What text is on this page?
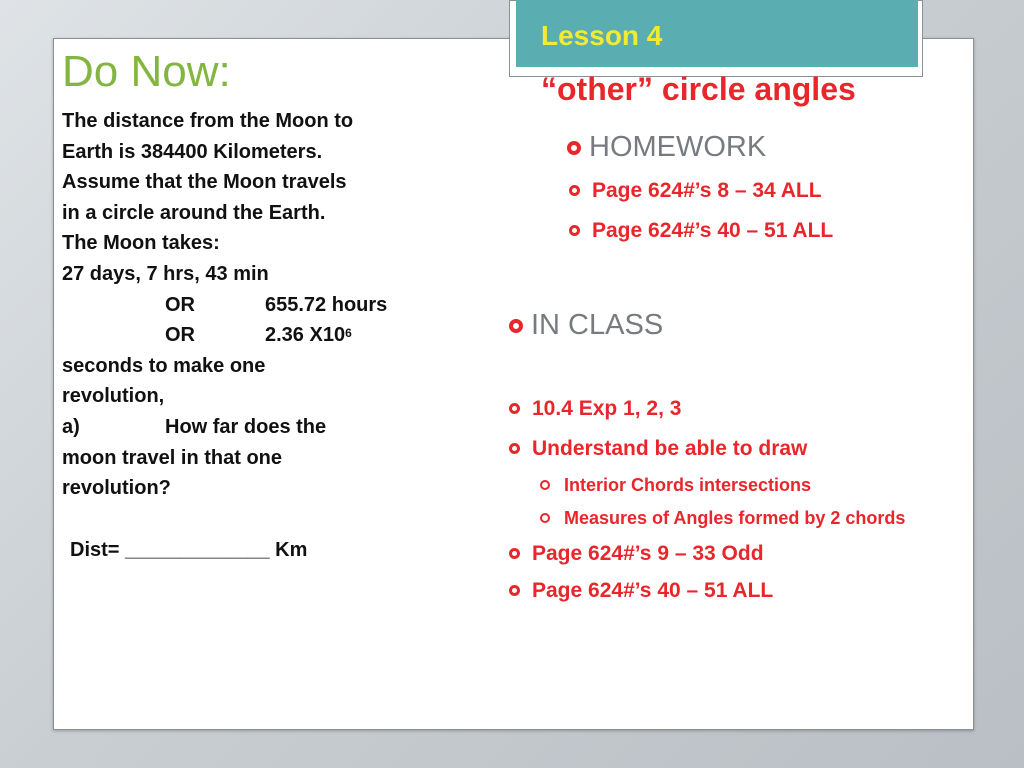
Lesson 4
“other” circle angles
Do Now:
The distance from the Moon to
Earth is 384400 Kilometers.
Assume that the Moon travels
in a circle around the Earth.
The Moon takes:
27 days, 7 hrs, 43 min
OR	655.72 hours
OR	2.36 $X10^6$
seconds to make one
revolution,
a)	How far does the
moon travel in that one
revolution?
Dist= _____________ Km
HOMEWORK
Page 624#’s 8 – 34 ALL
Page 624#’s 40 – 51 ALL
IN CLASS
10.4 Exp 1, 2, 3
Understand be able to draw
Interior Chords intersections
Measures of Angles formed by 2 chords
Page 624#’s 9 – 33 Odd
Page 624#’s 40 – 51 ALL
